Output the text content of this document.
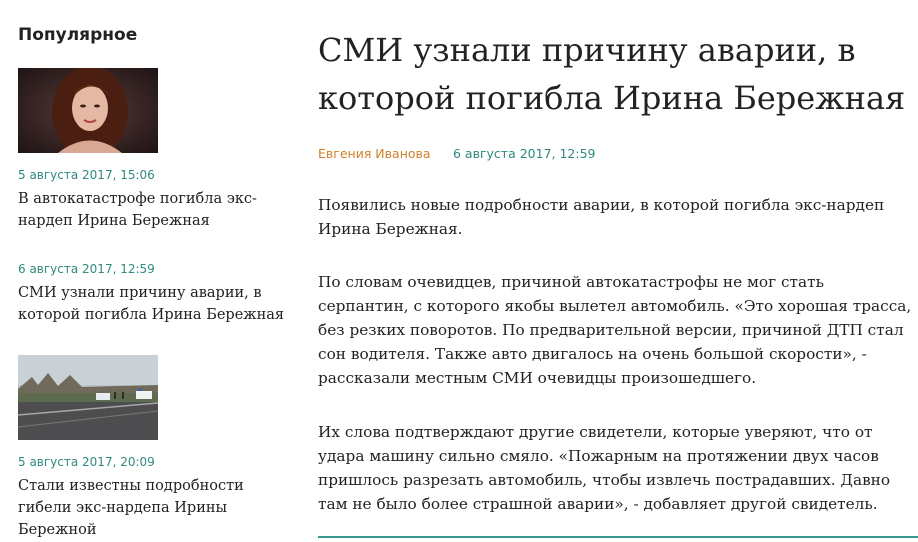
Популярное
5 августа 2017, 15:06
В автокатастрофе погибла экс-нардеп Ирина Бережная
6 августа 2017, 12:59
СМИ узнали причину аварии, в которой погибла Ирина Бережная
5 августа 2017, 20:09
Стали известны подробности гибели экс-нардепа Ирины Бережной
СМИ узнали причину аварии, в которой погибла Ирина Бережная
Евгения Иванова 6 августа 2017, 12:59

Появились новые подробности аварии, в которой погибла экс-нардеп Ирина Бережная.

По словам очевидцев, причиной автокатастрофы не мог стать серпантин, с которого якобы вылетел автомобиль. «Это хорошая трасса, без резких поворотов. По предварительной версии, причиной ДТП стал сон водителя. Также авто двигалось на очень большой скорости», - рассказали местным СМИ очевидцы произошедшего.

Их слова подтверждают другие свидетели, которые уверяют, что от удара машину сильно смяло. «Пожарным на протяжении двух часов пришлось разрезать автомобиль, чтобы извлечь пострадавших. Давно там не было более страшной аварии», - добавляет другой свидетель.
